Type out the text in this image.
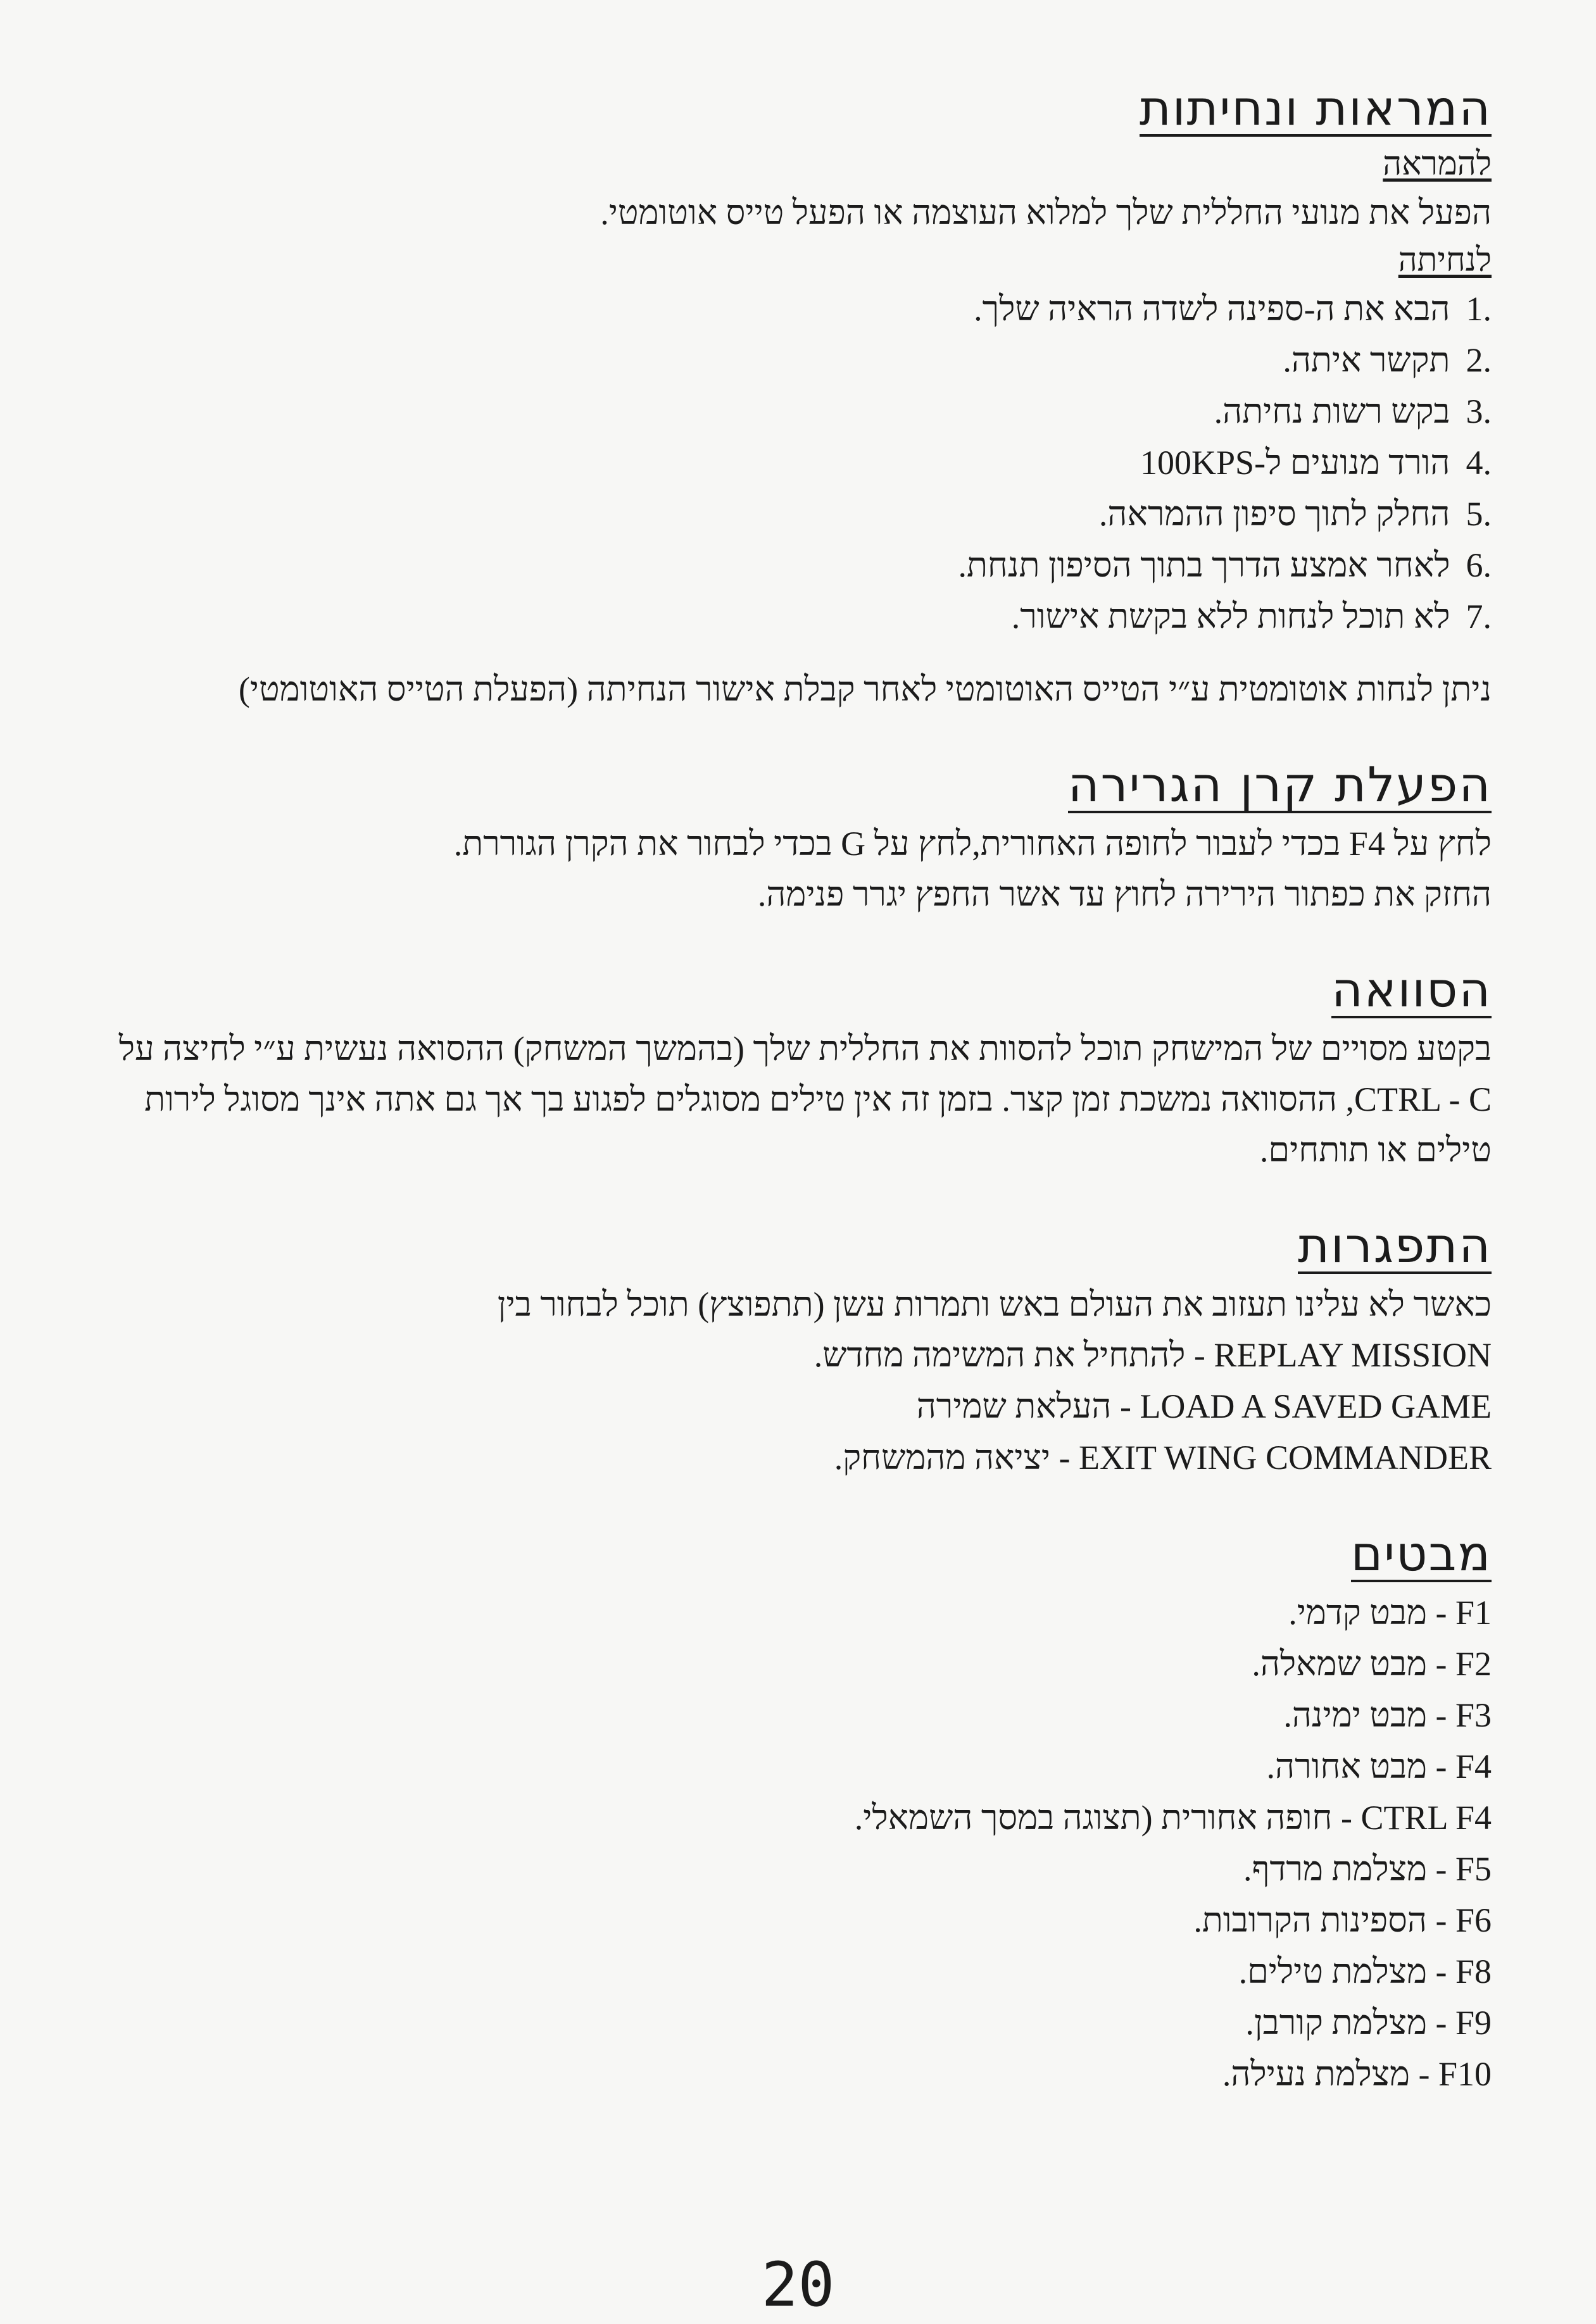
המראות ונחיתות

להמראה

הפעל את מנועי החללית שלך למלוא העוצמה או הפעל טייס אוטומטי.

לנחיתה

1. הבא את ה-ספינה לשדה הראיה שלך.

2. תקשר איתה.

3. בקש רשות נחיתה.

4. הורד מנועים ל-100KPS

5. החלק לתוך סיפון ההמראה.

6. לאחר אמצע הדרך בתוך הסיפון תנחת.

7. לא תוכל לנחות ללא בקשת אישור.

ניתן לנחות אוטומטית ע״י הטייס האוטומטי לאחר קבלת אישור הנחיתה (הפעלת הטייס האוטומטי)

הפעלת קרן הגרירה

לחץ על F4 בכדי לעבור לחופה האחורית,לחץ על G בכדי לבחור את הקרן הגוררת.

החזק את כפתור הירירה לחוץ עד אשר החפץ יגרר פנימה.

הסוואה

בקטע מסויים של המישחק תוכל להסוות את החללית שלך (בהמשך המשחק) ההסואה נעשית ע״י לחיצה על CTRL - C, ההסוואה נמשכת זמן קצר. בזמן זה אין טילים מסוגלים לפגוע בך אך גם אתה אינך מסוגל לירות טילים או תותחים.

התפגרות

כאשר לא עלינו תעזוב את העולם באש ותמרות עשן (תתפוצץ) תוכל לבחור בין

REPLAY MISSION - להתחיל את המשימה מחדש.

LOAD A SAVED GAME - העלאת שמירה

EXIT WING COMMANDER - יציאה מהמשחק.

מבטים

F1 - מבט קדמי.

F2 - מבט שמאלה.

F3 - מבט ימינה.

F4 - מבט אחורה.

CTRL F4 - חופה אחורית (תצוגה במסך השמאלי.

F5 - מצלמת מרדף.

F6 - הספינות הקרובות.

F8 - מצלמת טילים.

F9 - מצלמת קורבן.

F10 - מצלמת נעילה.

20
